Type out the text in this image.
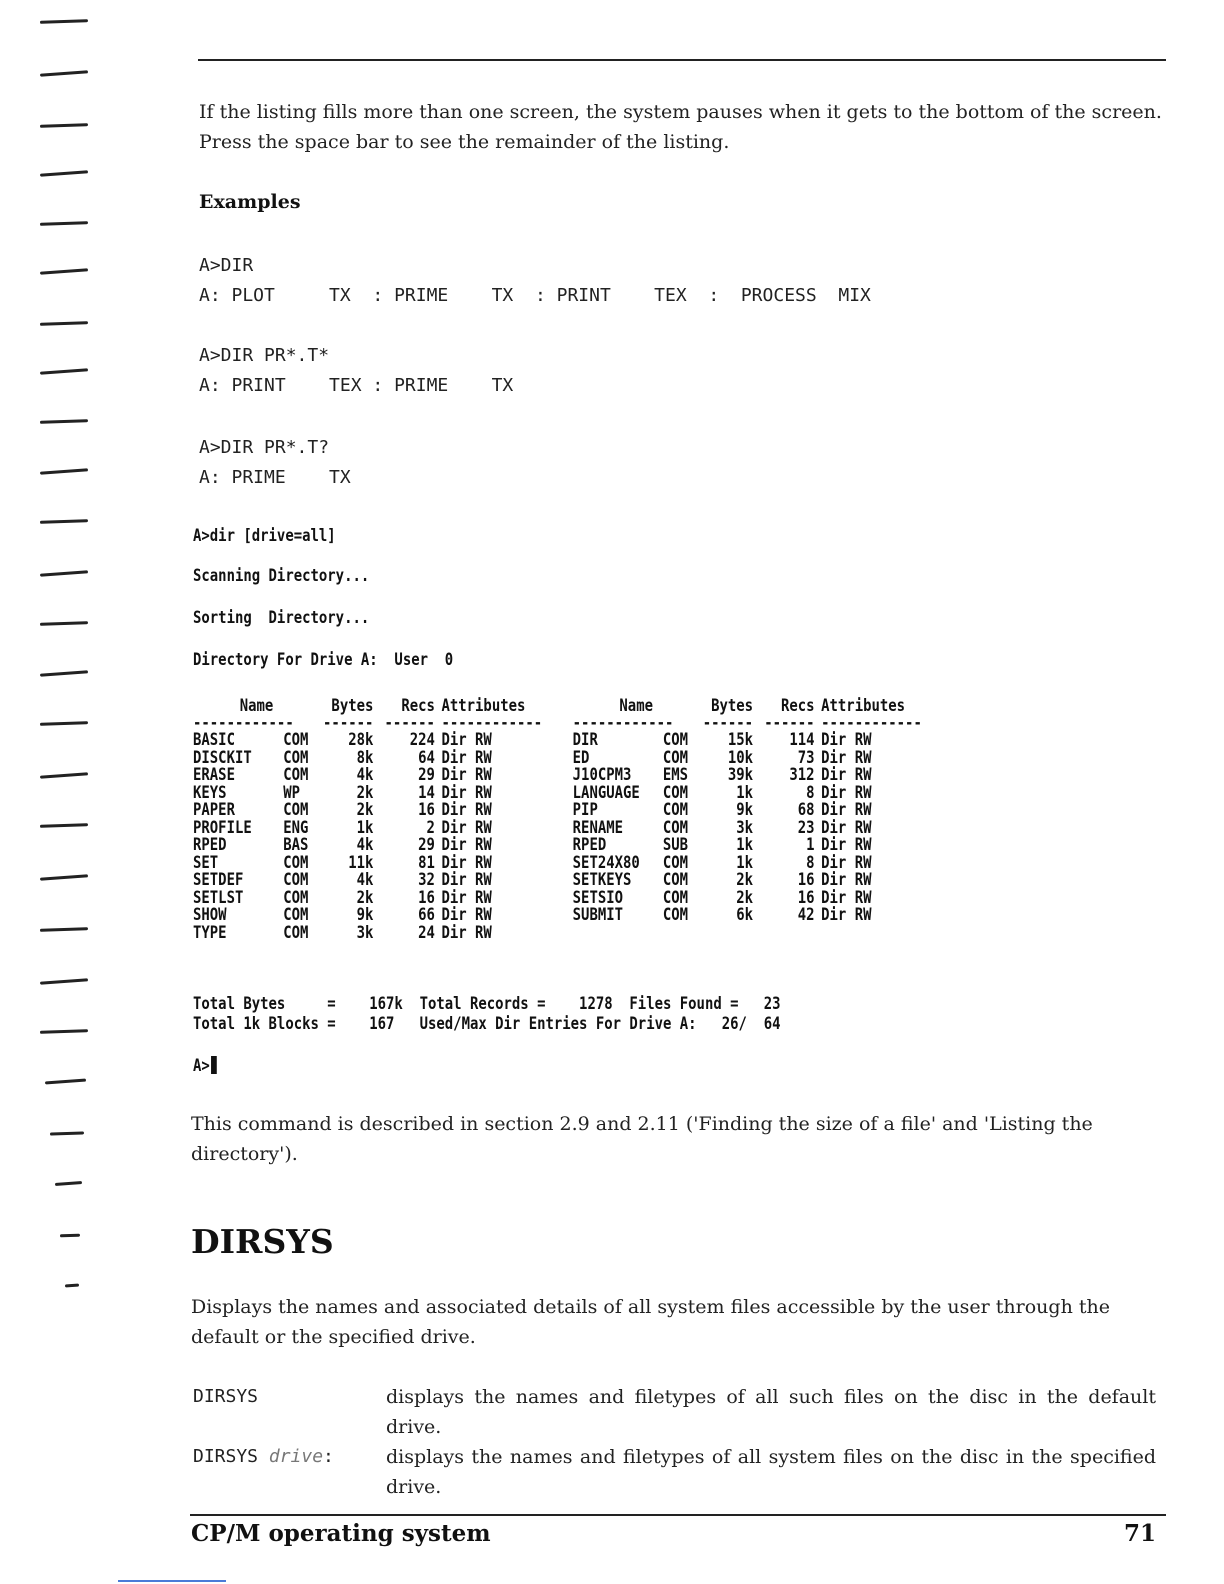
If the listing fills more than one screen, the system pauses when it gets to the bottom of the screen. Press the space bar to see the remainder of the listing.

Examples

A>DIR

A: PLOT     TX  : PRIME    TX  : PRINT    TEX  :  PROCESS  MIX

A>DIR PR*.T*

A: PRINT    TEX : PRIME    TX

A>DIR PR*.T?

A: PRIME    TX

A>dir [drive=all]

Scanning Directory...

Sorting  Directory...

Directory For Drive A:  User  0

Name		Bytes	Recs	Attributes		Name		Bytes	Recs	Attributes
------------		------	------	------------		------------		------	------	------------
BASIC	COM	28k	224	Dir RW		DIR	COM	15k	114	Dir RW
DISCKIT	COM	8k	64	Dir RW		ED	COM	10k	73	Dir RW
ERASE	COM	4k	29	Dir RW		J10CPM3	EMS	39k	312	Dir RW
KEYS	WP	2k	14	Dir RW		LANGUAGE	COM	1k	8	Dir RW
PAPER	COM	2k	16	Dir RW		PIP	COM	9k	68	Dir RW
PROFILE	ENG	1k	2	Dir RW		RENAME	COM	3k	23	Dir RW
RPED	BAS	4k	29	Dir RW		RPED	SUB	1k	1	Dir RW
SET	COM	11k	81	Dir RW		SET24X80	COM	1k	8	Dir RW
SETDEF	COM	4k	32	Dir RW		SETKEYS	COM	2k	16	Dir RW
SETLST	COM	2k	16	Dir RW		SETSIO	COM	2k	16	Dir RW
SHOW	COM	9k	66	Dir RW		SUBMIT	COM	6k	42	Dir RW
TYPE	COM	3k	24	Dir RW						

Total Bytes     =    167k  Total Records =    1278  Files Found =   23

Total 1k Blocks =    167   Used/Max Dir Entries For Drive A:   26/  64

A>

This command is described in section 2.9 and 2.11 ('Finding the size of a file' and 'Listing the directory').

DIRSYS

Displays the names and associated details of all system files accessible by the user through the default or the specified drive.

DIRSYS	displays the names and filetypes of all such files on the disc in the default drive.
DIRSYS drive:	displays the names and filetypes of all system files on the disc in the specified drive.

CP/M operating system	71
